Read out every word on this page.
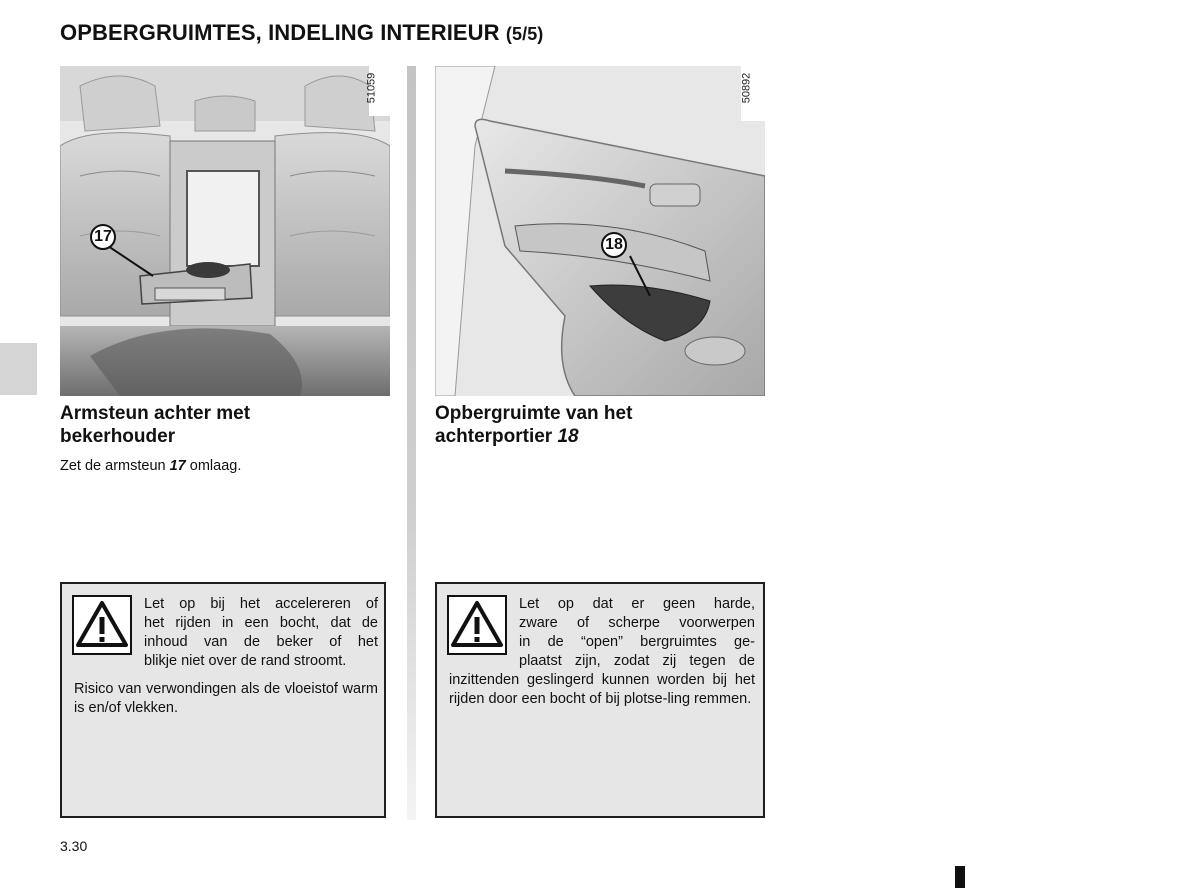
OPBERGRUIMTES, INDELING INTERIEUR (5/5)
51059
17
50892
18
Armsteun achter met
bekerhouder
Zet de armsteun 17 omlaag.
Opbergruimte van het
achterportier 18
Let op bij het accelereren of
het rijden in een bocht, dat de
inhoud van de beker of het
blikje niet over de rand stroomt.
Risico van verwondingen als de vloeistof warm is en/of vlekken.
Let op dat er geen harde,
zware of scherpe voorwerpen
in de “open” bergruimtes ge-
plaatst zijn, zodat zij tegen de
inzittenden geslingerd kunnen worden bij het rijden door een bocht of bij plotse-ling remmen.
3.30
